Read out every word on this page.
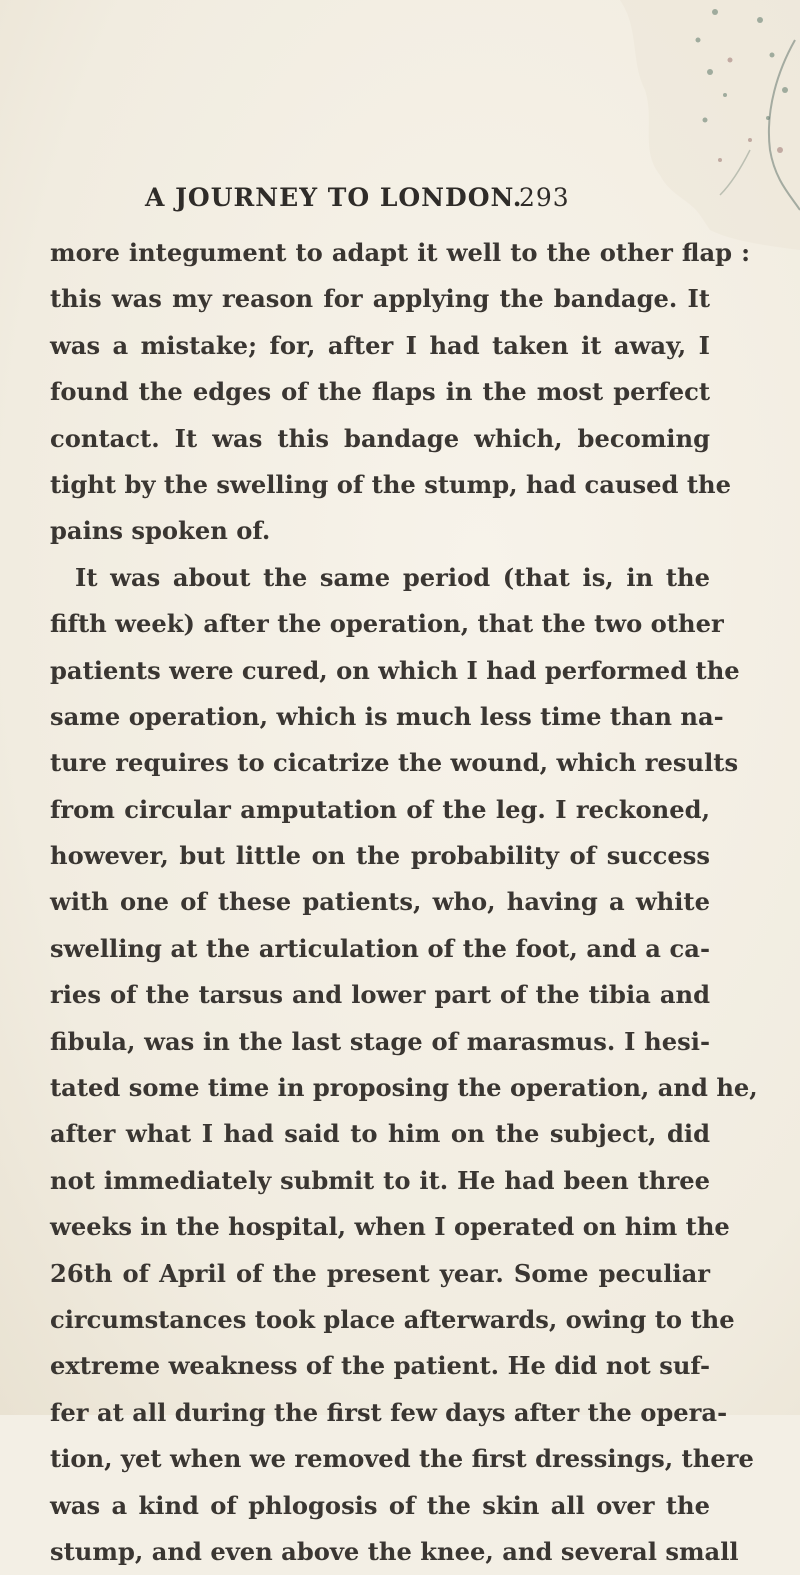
A JOURNEY TO LONDON.
293
more integument to adapt it well to the other flap :
this was my reason for applying the bandage. It
was a mistake; for, after I had taken it away, I
found the edges of the flaps in the most perfect
contact. It was this bandage which, becoming
tight by the swelling of the stump, had caused the
pains spoken of.
It was about the same period (that is, in the
fifth week) after the operation, that the two other
patients were cured, on which I had performed the
same operation, which is much less time than na-
ture requires to cicatrize the wound, which results
from circular amputation of the leg. I reckoned,
however, but little on the probability of success
with one of these patients, who, having a white
swelling at the articulation of the foot, and a ca-
ries of the tarsus and lower part of the tibia and
fibula, was in the last stage of marasmus. I hesi-
tated some time in proposing the operation, and he,
after what I had said to him on the subject, did
not immediately submit to it. He had been three
weeks in the hospital, when I operated on him the
26th of April of the present year. Some peculiar
circumstances took place afterwards, owing to the
extreme weakness of the patient. He did not suf-
fer at all during the first few days after the opera-
tion, yet when we removed the first dressings, there
was a kind of phlogosis of the skin all over the
stump, and even above the knee, and several small
